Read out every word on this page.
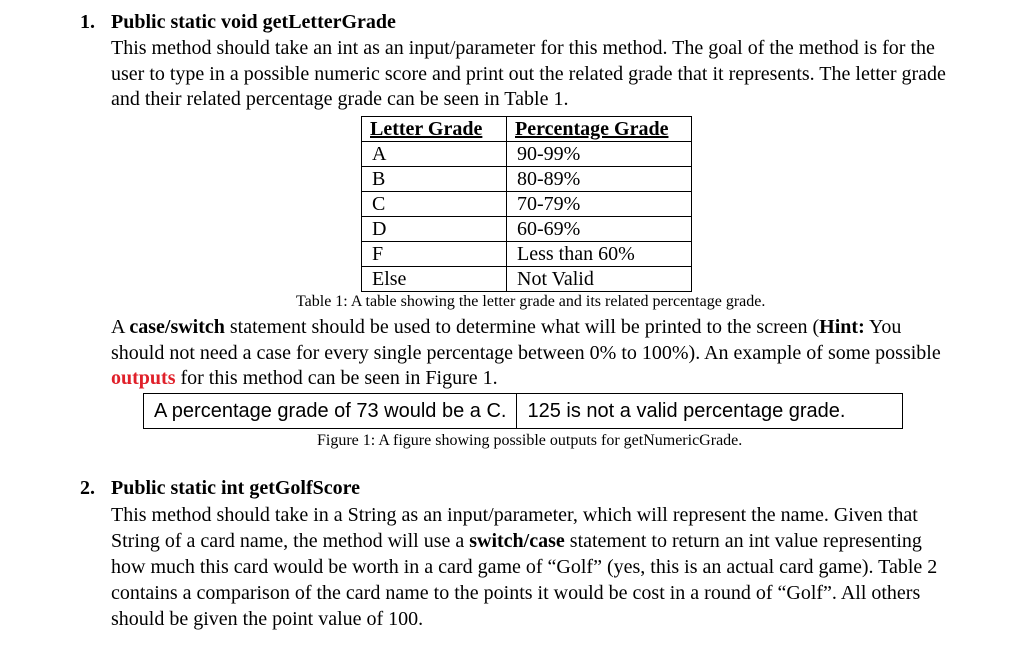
1. Public static void getLetterGrade
This method should take an int as an input/parameter for this method. The goal of the method is for the
user to type in a possible numeric score and print out the related grade that it represents. The letter grade
and their related percentage grade can be seen in Table 1.
Letter Grade	Percentage Grade
A	90-99%
B	80-89%
C	70-79%
D	60-69%
F	Less than 60%
Else	Not Valid
Table 1: A table showing the letter grade and its related percentage grade.
A case/switch statement should be used to determine what will be printed to the screen (Hint: You
should not need a case for every single percentage between 0% to 100%). An example of some possible
outputs for this method can be seen in Figure 1.
A percentage grade of 73 would be a C.	125 is not a valid percentage grade.
Figure 1: A figure showing possible outputs for getNumericGrade.
2. Public static int getGolfScore
This method should take in a String as an input/parameter, which will represent the name. Given that
String of a card name, the method will use a switch/case statement to return an int value representing
how much this card would be worth in a card game of “Golf” (yes, this is an actual card game). Table 2
contains a comparison of the card name to the points it would be cost in a round of “Golf”. All others
should be given the point value of 100.
